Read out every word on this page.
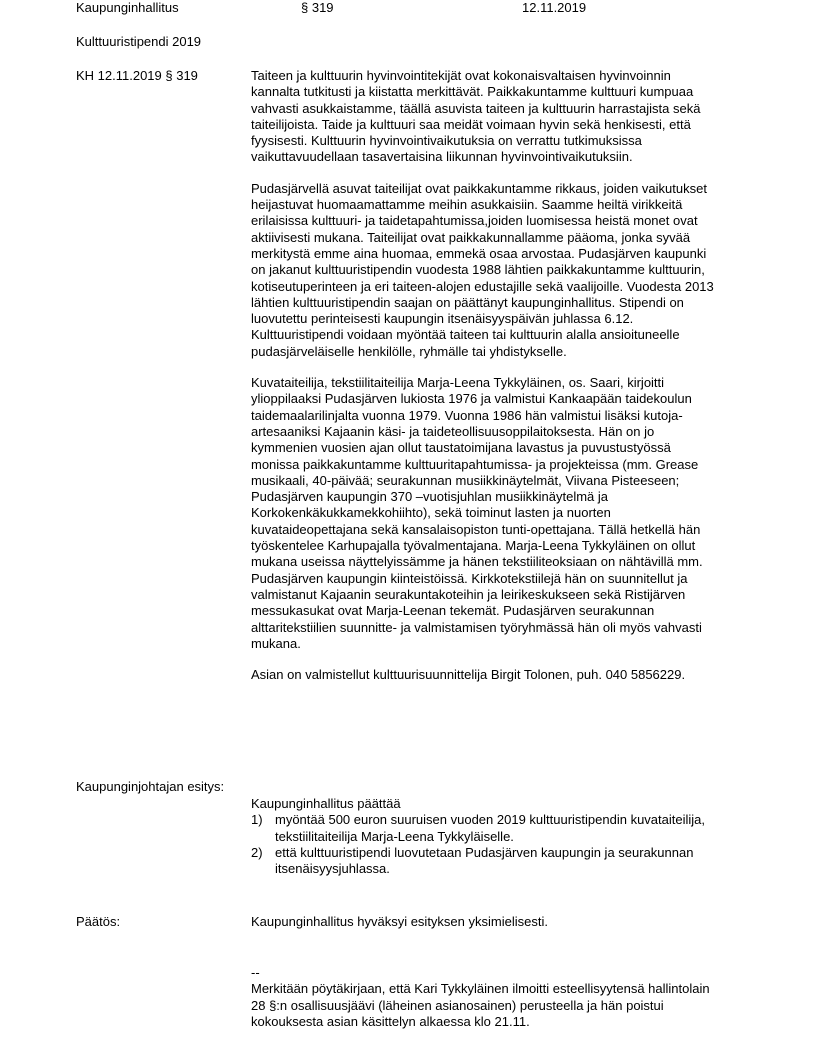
Kaupunginhallitus	§ 319	12.11.2019
Kulttuuristipendi 2019
KH 12.11.2019 § 319	Taiteen ja kulttuurin hyvinvointitekijät ovat kokonaisvaltaisen hyvinvoinnin kannalta tutkitusti ja kiistatta merkittävät. Paikkakuntamme kulttuuri kumpuaa vahvasti asukkaistamme, täällä asuvista taiteen ja kulttuurin harrastajista sekä taiteilijoista. Taide ja kulttuuri saa meidät voimaan hyvin sekä henkisesti, että fyysisesti. Kulttuurin hyvinvointivaikutuksia on verrattu tutkimuksissa vaikuttavuudellaan tasavertaisina liikunnan hyvinvointivaikutuksiin.

Pudasjärvellä asuvat taiteilijat ovat paikkakuntamme rikkaus, joiden vaikutukset heijastuvat huomaamattamme meihin asukkaisiin. Saamme heiltä virikkeitä erilaisissa kulttuuri- ja taidetapahtumissa,joiden luomisessa heistä monet ovat aktiivisesti mukana. Taiteilijat ovat paikkakunnallamme pääoma, jonka syvää merkitystä emme aina huomaa, emmekä osaa arvostaa. Pudasjärven kaupunki on jakanut kulttuuristipendin vuodesta 1988 lähtien paikkakuntamme kulttuurin, kotiseutuperinteen ja eri taiteen-alojen edustajille sekä vaalijoille. Vuodesta 2013 lähtien kulttuuristipendin saajan on päättänyt kaupunginhallitus. Stipendi on luovutettu perinteisesti kaupungin itsenäisyyspäivän juhlassa 6.12. Kulttuuristipendi voidaan myöntää taiteen tai kulttuurin alalla ansioituneelle pudasjärveläiselle henkilölle, ryhmälle tai yhdistykselle.

Kuvataiteilija, tekstiilitaiteilija Marja-Leena Tykkyläinen, os. Saari, kirjoitti ylioppilaaksi Pudasjärven lukiosta 1976 ja valmistui Kankaapään taidekoulun taidemaalarilinjalta vuonna 1979. Vuonna 1986 hän valmistui lisäksi kutoja-artesaaniksi Kajaanin käsi- ja taideteollisuusoppilaitoksesta. Hän on jo kymmenien vuosien ajan ollut taustatoimijana lavastus ja puvustustyössä monissa paikkakuntamme kulttuuritapahtumissa- ja projekteissa (mm. Grease musikaali, 40-päivää; seurakunnan musiikkinäytelmät, Viivana Pisteeseen; Pudasjärven kaupungin 370 –vuotisjuhlan musiikkinäytelmä ja Korkokenkäkukkamekkohiihto), sekä toiminut lasten ja nuorten kuvataideopettajana sekä kansalaisopiston tunti-opettajana. Tällä hetkellä hän työskentelee Karhupajalla työvalmentajana. Marja-Leena Tykkyläinen on ollut mukana useissa näyttelyissämme ja hänen tekstiiliteoksiaan on nähtävillä mm. Pudasjärven kaupungin kiinteistöissä. Kirkkotekstiilejä hän on suunnitellut ja valmistanut Kajaanin seurakuntakoteihin ja leirikeskukseen sekä Ristijärven messukasukat ovat Marja-Leenan tekemät. Pudasjärven seurakunnan alttaritekstiilien suunnitte- ja valmistamisen työryhmässä hän oli myös vahvasti mukana.

Asian on valmistellut kulttuurisuunnittelija Birgit Tolonen, puh. 040 5856229.

Kaupunginjohtajan esitys:
Kaupunginhallitus päättää
1) myöntää 500 euron suuruisen vuoden 2019 kulttuuristipendin kuvataiteilija, tekstiilitaiteilija Marja-Leena Tykkyläiselle.
2) että kulttuuristipendi luovutetaan Pudasjärven kaupungin ja seurakunnan itsenäisyysjuhlassa.
Päätös:	Kaupunginhallitus hyväksyi esityksen yksimielisesti.
--
Merkitään pöytäkirjaan, että Kari Tykkyläinen ilmoitti esteellisyytensä hallintolain 28 §:n osallisuusjäävi (läheinen asianosainen) perusteella ja hän poistui kokouksesta asian käsittelyn alkaessa klo 21.11.
